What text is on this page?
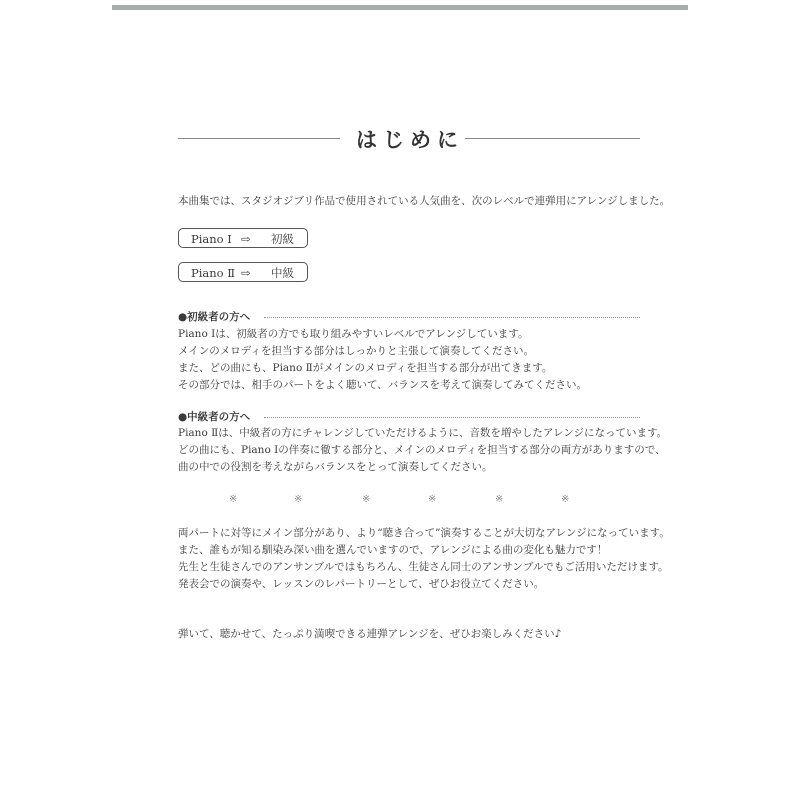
はじめに
本曲集では、スタジオジブリ作品で使用されている人気曲を、次のレベルで連弾用にアレンジしました。
Piano Ⅰ ⇨ 初級
Piano Ⅱ ⇨ 中級
●初級者の方へ
Piano Ⅰは、初級者の方でも取り組みやすいレベルでアレンジしています。
メインのメロディを担当する部分はしっかりと主張して演奏してください。
また、どの曲にも、Piano Ⅱがメインのメロディを担当する部分が出てきます。
その部分では、相手のパートをよく聴いて、バランスを考えて演奏してみてください。
●中級者の方へ
Piano Ⅱは、中級者の方にチャレンジしていただけるように、音数を増やしたアレンジになっています。
どの曲にも、Piano Ⅰの伴奏に徹する部分と、メインのメロディを担当する部分の両方がありますので、
曲の中での役割を考えながらバランスをとって演奏してください。
※	※	※	※	※	※
両パートに対等にメイン部分があり、より“聴き合って”演奏することが大切なアレンジになっています。
また、誰もが知る馴染み深い曲を選んでいますので、アレンジによる曲の変化も魅力です！
先生と生徒さんでのアンサンブルではもちろん、生徒さん同士のアンサンブルでもご活用いただけます。
発表会での演奏や、レッスンのレパートリーとして、ぜひお役立てください。
弾いて、聴かせて、たっぷり満喫できる連弾アレンジを、ぜひお楽しみください♪
